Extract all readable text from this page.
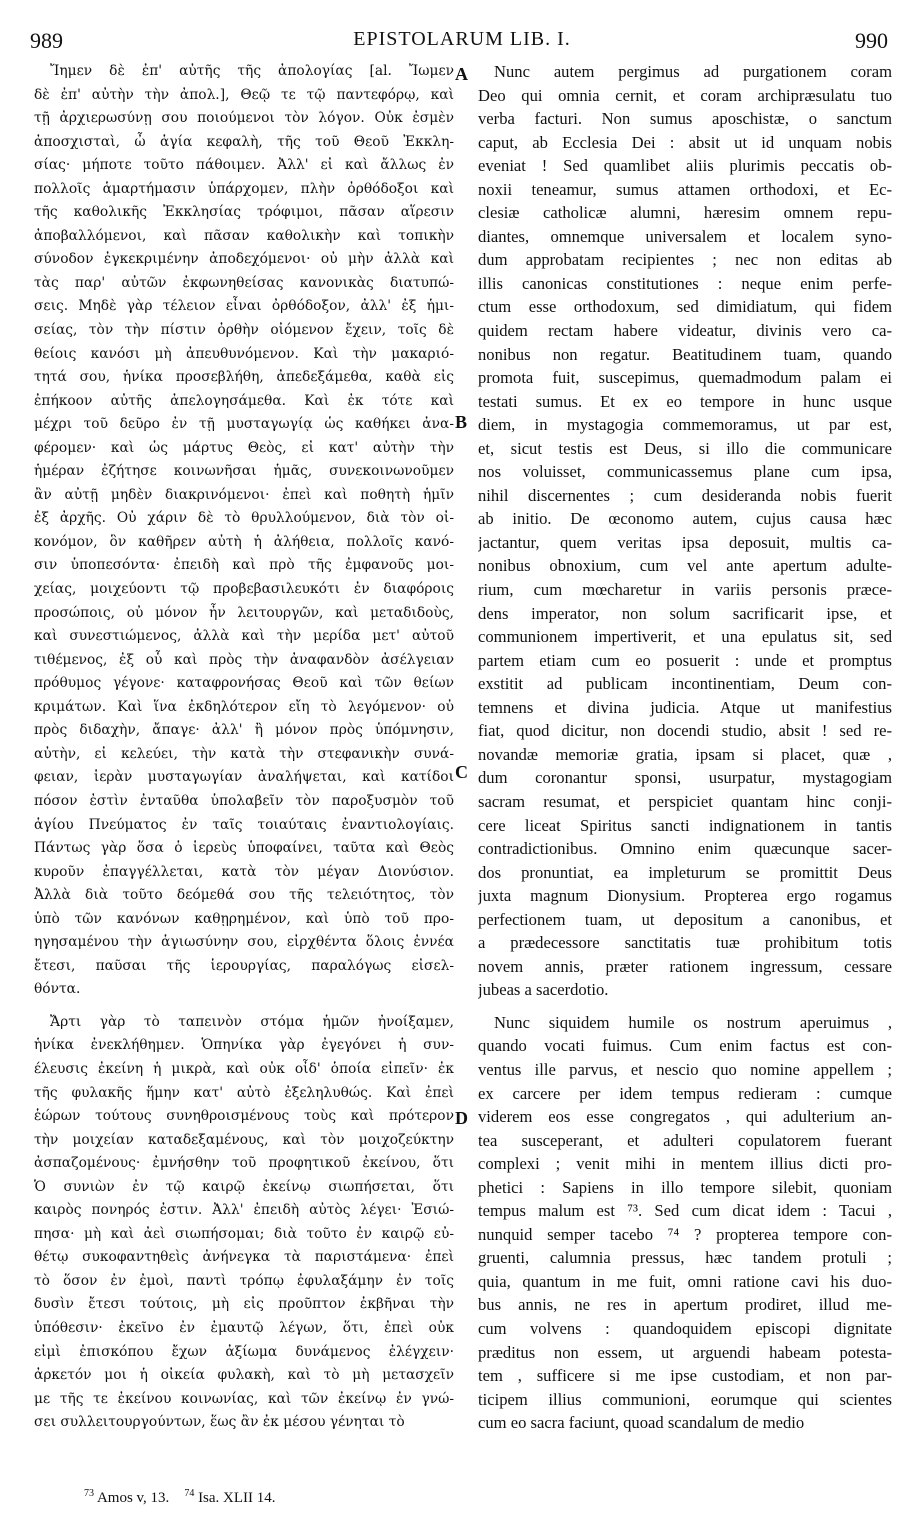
989	EPISTOLARUM LIB. I.	990
Ἴημεν δὲ ἐπ' αὐτῆς τῆς ἀπολογίας [al. Ἴωμεν
δὲ ἐπ' αὐτὴν τὴν ἀπολ.], Θεῷ τε τῷ παντεφόρῳ, καὶ
τῇ ἀρχιερωσύνῃ σου ποιούμενοι τὸν λόγον. Οὐκ ἐσμὲν
ἀποσχισταὶ, ὦ ἁγία κεφαλὴ, τῆς τοῦ Θεοῦ Ἐκκλη-
σίας· μήποτε τοῦτο πάθοιμεν. Ἀλλ' εἰ καὶ ἄλλως ἐν
πολλοῖς ἁμαρτήμασιν ὑπάρχομεν, πλὴν ὀρθόδοξοι καὶ
τῆς καθολικῆς Ἐκκλησίας τρόφιμοι, πᾶσαν αἵρεσιν
ἀποβαλλόμενοι, καὶ πᾶσαν καθολικὴν καὶ τοπικὴν
σύνοδον ἐγκεκριμένην ἀποδεχόμενοι· οὐ μὴν ἀλλὰ καὶ
τὰς παρ' αὐτῶν ἐκφωνηθείσας κανονικὰς διατυπώ-
σεις. Μηδὲ γὰρ τέλειον εἶναι ὀρθόδοξον, ἀλλ' ἐξ ἡμι-
σείας, τὸν τὴν πίστιν ὀρθὴν οἰόμενον ἔχειν, τοῖς δὲ
θείοις κανόσι μὴ ἀπευθυνόμενον. Καὶ τὴν μακαριό-
τητά σου, ἡνίκα προσεβλήθη, ἀπεδεξάμεθα, καθὰ εἰς
ἐπήκοον αὐτῆς ἀπελογησάμεθα. Καὶ ἐκ τότε καὶ
μέχρι τοῦ δεῦρο ἐν τῇ μυσταγωγίᾳ ὡς καθήκει ἀνα-
φέρομεν· καὶ ὡς μάρτυς Θεὸς, εἰ κατ' αὐτὴν τὴν
ἡμέραν ἐζήτησε κοινωνῆσαι ἡμᾶς, συνεκοινωνοῦμεν
ἂν αὐτῇ μηδὲν διακρινόμενοι· ἐπεὶ καὶ ποθητὴ ἡμῖν
ἐξ ἀρχῆς. Οὐ χάριν δὲ τὸ θρυλλούμενον, διὰ τὸν οἰ-
κονόμον, ὃν καθῆρεν αὐτὴ ἡ ἀλήθεια, πολλοῖς κανό-
σιν ὑποπεσόντα· ἐπειδὴ καὶ πρὸ τῆς ἐμφανοῦς μοι-
χείας, μοιχεύοντι τῷ προβεβασιλευκότι ἐν διαφόροις
προσώποις, οὐ μόνον ἦν λειτουργῶν, καὶ μεταδιδοὺς,
καὶ συνεστιώμενος, ἀλλὰ καὶ τὴν μερίδα μετ' αὐτοῦ
τιθέμενος, ἐξ οὗ καὶ πρὸς τὴν ἀναφανδὸν ἀσέλγειαν
πρόθυμος γέγονε· καταφρονήσας Θεοῦ καὶ τῶν θείων
κριμάτων. Καὶ ἵνα ἐκδηλότερον εἴη τὸ λεγόμενον· οὐ
πρὸς διδαχὴν, ἄπαγε· ἀλλ' ἢ μόνον πρὸς ὑπόμνησιν,
αὐτὴν, εἰ κελεύει, τὴν κατὰ τὴν στεφανικὴν συνά-
φειαν, ἱερὰν μυσταγωγίαν ἀναλήψεται, καὶ κατίδοι
πόσον ἐστὶν ἐνταῦθα ὑπολαβεῖν τὸν παροξυσμὸν τοῦ
ἁγίου Πνεύματος ἐν ταῖς τοιαύταις ἐναντιολογίαις.
Πάντως γὰρ ὅσα ὁ ἱερεὺς ὑποφαίνει, ταῦτα καὶ Θεὸς
κυροῦν ἐπαγγέλλεται, κατὰ τὸν μέγαν Διονύσιον.
Ἀλλὰ διὰ τοῦτο δεόμεθά σου τῆς τελειότητος, τὸν
ὑπὸ τῶν κανόνων καθῃρημένον, καὶ ὑπὸ τοῦ προ-
ηγησαμένου τὴν ἁγιωσύνην σου, εἰρχθέντα ὅλοις ἐννέα
ἔτεσι, παῦσαι τῆς ἱερουργίας, παραλόγως εἰσελ-
θόντα.
Ἄρτι γὰρ τὸ ταπεινὸν στόμα ἡμῶν ἠνοίξαμεν,
ἡνίκα ἐνεκλήθημεν. Ὁπηνίκα γὰρ ἐγεγόνει ἡ συν-
έλευσις ἐκείνη ἡ μικρὰ, καὶ οὐκ οἶδ' ὁποία εἰπεῖν· ἐκ
τῆς φυλακῆς ἥμην κατ' αὐτὸ ἐξεληλυθώς. Καὶ ἐπεὶ
ἑώρων τούτους συνηθροισμένους τοὺς καὶ πρότερον
τὴν μοιχείαν καταδεξαμένους, καὶ τὸν μοιχοζεύκτην
ἀσπαζομένους· ἐμνήσθην τοῦ προφητικοῦ ἐκείνου, ὅτι
Ὁ συνιὼν ἐν τῷ καιρῷ ἐκείνῳ σιωπήσεται, ὅτι
καιρὸς πονηρός ἐστιν. Ἀλλ' ἐπειδὴ αὐτὸς λέγει· Ἐσιώ-
πησα· μὴ καὶ ἀεὶ σιωπήσομαι; διὰ τοῦτο ἐν καιρῷ εὐ-
θέτῳ συκοφαντηθεὶς ἀνήνεγκα τὰ παριστάμενα· ἐπεὶ
τὸ ὅσον ἐν ἐμοὶ, παντὶ τρόπῳ ἐφυλαξάμην ἐν τοῖς
δυσὶν ἔτεσι τούτοις, μὴ εἰς προῦπτον ἐκβῆναι τὴν
ὑπόθεσιν· ἐκεῖνο ἐν ἐμαυτῷ λέγων, ὅτι, ἐπεὶ οὐκ
εἰμὶ ἐπισκόπου ἔχων ἀξίωμα δυνάμενος ἐλέγχειν·
ἀρκετόν μοι ἡ οἰκεία φυλακὴ, καὶ τὸ μὴ μετασχεῖν
με τῆς τε ἐκείνου κοινωνίας, καὶ τῶν ἐκείνῳ ἐν γνώ-
σει συλλειτουργούντων, ἕως ἂν ἐκ μέσου γένηται τὸ
Nunc autem pergimus ad purgationem coram
Deo qui omnia cernit, et coram archipræsulatu tuo
verba facturi. Non sumus aposchistæ, o sanctum
caput, ab Ecclesia Dei : absit ut id unquam nobis
eveniat ! Sed quamlibet aliis plurimis peccatis ob-
noxii teneamur, sumus attamen orthodoxi, et Ec-
clesiæ catholicæ alumni, hæresim omnem repu-
diantes, omnemque universalem et localem syno-
dum approbatam recipientes ; nec non editas ab
illis canonicas constitutiones : neque enim perfe-
ctum esse orthodoxum, sed dimidiatum, qui fidem
quidem rectam habere videatur, divinis vero ca-
nonibus non regatur. Beatitudinem tuam, quando
promota fuit, suscepimus, quemadmodum palam ei
testati sumus. Et ex eo tempore in hunc usque
diem, in mystagogia commemoramus, ut par est,
et, sicut testis est Deus, si illo die communicare
nos voluisset, communicassemus plane cum ipsa,
nihil discernentes ; cum desideranda nobis fuerit
ab initio. De œconomo autem, cujus causa hæc
jactantur, quem veritas ipsa deposuit, multis ca-
nonibus obnoxium, cum vel ante apertum adulte-
rium, cum mœcharetur in variis personis præce-
dens imperator, non solum sacrificarit ipse, et
communionem impertiverit, et una epulatus sit, sed
partem etiam cum eo posuerit : unde et promptus
exstitit ad publicam incontinentiam, Deum con-
temnens et divina judicia. Atque ut manifestius
fiat, quod dicitur, non docendi studio, absit ! sed re-
novandæ memoriæ gratia, ipsam si placet, quæ ,
dum coronantur sponsi, usurpatur, mystagogiam
sacram resumat, et perspiciet quantam hinc conji-
cere liceat Spiritus sancti indignationem in tantis
contradictionibus. Omnino enim quæcunque sacer-
dos pronuntiat, ea impleturum se promittit Deus
juxta magnum Dionysium. Propterea ergo rogamus
perfectionem tuam, ut depositum a canonibus, et
a prædecessore sanctitatis tuæ prohibitum totis
novem annis, præter rationem ingressum, cessare
jubeas a sacerdotio.
Nunc siquidem humile os nostrum aperuimus ,
quando vocati fuimus. Cum enim factus est con-
ventus ille parvus, et nescio quo nomine appellem ;
ex carcere per idem tempus redieram : cumque
viderem eos esse congregatos , qui adulterium an-
tea susceperant, et adulteri copulatorem fuerant
complexi ; venit mihi in mentem illius dicti pro-
phetici : Sapiens in illo tempore silebit, quoniam
tempus malum est ⁷³. Sed cum dicat idem : Tacui ,
nunquid semper tacebo ⁷⁴ ? propterea tempore con-
gruenti, calumnia pressus, hæc tandem protuli ;
quia, quantum in me fuit, omni ratione cavi his duo-
bus annis, ne res in apertum prodiret, illud me-
cum volvens : quandoquidem episcopi dignitate
præditus non essem, ut arguendi habeam potesta-
tem , sufficere si me ipse custodiam, et non par-
ticipem illius communioni, eorumque qui scientes
cum eo sacra faciunt, quoad scandalum de medio
A
B
C
D
$^{73}$ Amos v, 13. $^{74}$ Isa. XLII 14.
